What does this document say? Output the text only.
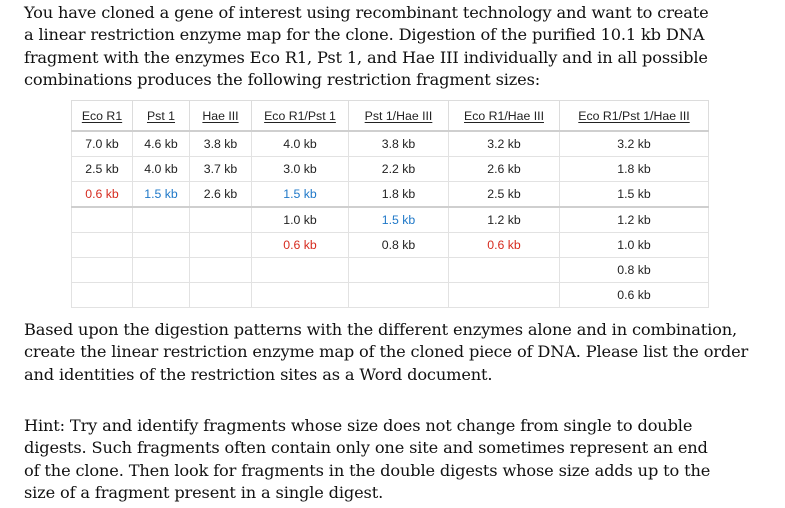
You have cloned a gene of interest using recombinant technology and want to create
a linear restriction enzyme map for the clone. Digestion of the purified 10.1 kb DNA
fragment with the enzymes Eco R1, Pst 1, and Hae III individually and in all possible
combinations produces the following restriction fragment sizes:
Eco R1	Pst 1	Hae III	Eco R1/Pst 1	Pst 1/Hae III	Eco R1/Hae III	Eco R1/Pst 1/Hae III
7.0 kb	4.6 kb	3.8 kb	4.0 kb	3.8 kb	3.2 kb	3.2 kb
2.5 kb	4.0 kb	3.7 kb	3.0 kb	2.2 kb	2.6 kb	1.8 kb
0.6 kb	1.5 kb	2.6 kb	1.5 kb	1.8 kb	2.5 kb	1.5 kb
			1.0 kb	1.5 kb	1.2 kb	1.2 kb
			0.6 kb	0.8 kb	0.6 kb	1.0 kb
						0.8 kb
						0.6 kb
Based upon the digestion patterns with the different enzymes alone and in combination,
create the linear restriction enzyme map of the cloned piece of DNA. Please list the order
and identities of the restriction sites as a Word document.
Hint: Try and identify fragments whose size does not change from single to double
digests. Such fragments often contain only one site and sometimes represent an end
of the clone. Then look for fragments in the double digests whose size adds up to the
size of a fragment present in a single digest.
